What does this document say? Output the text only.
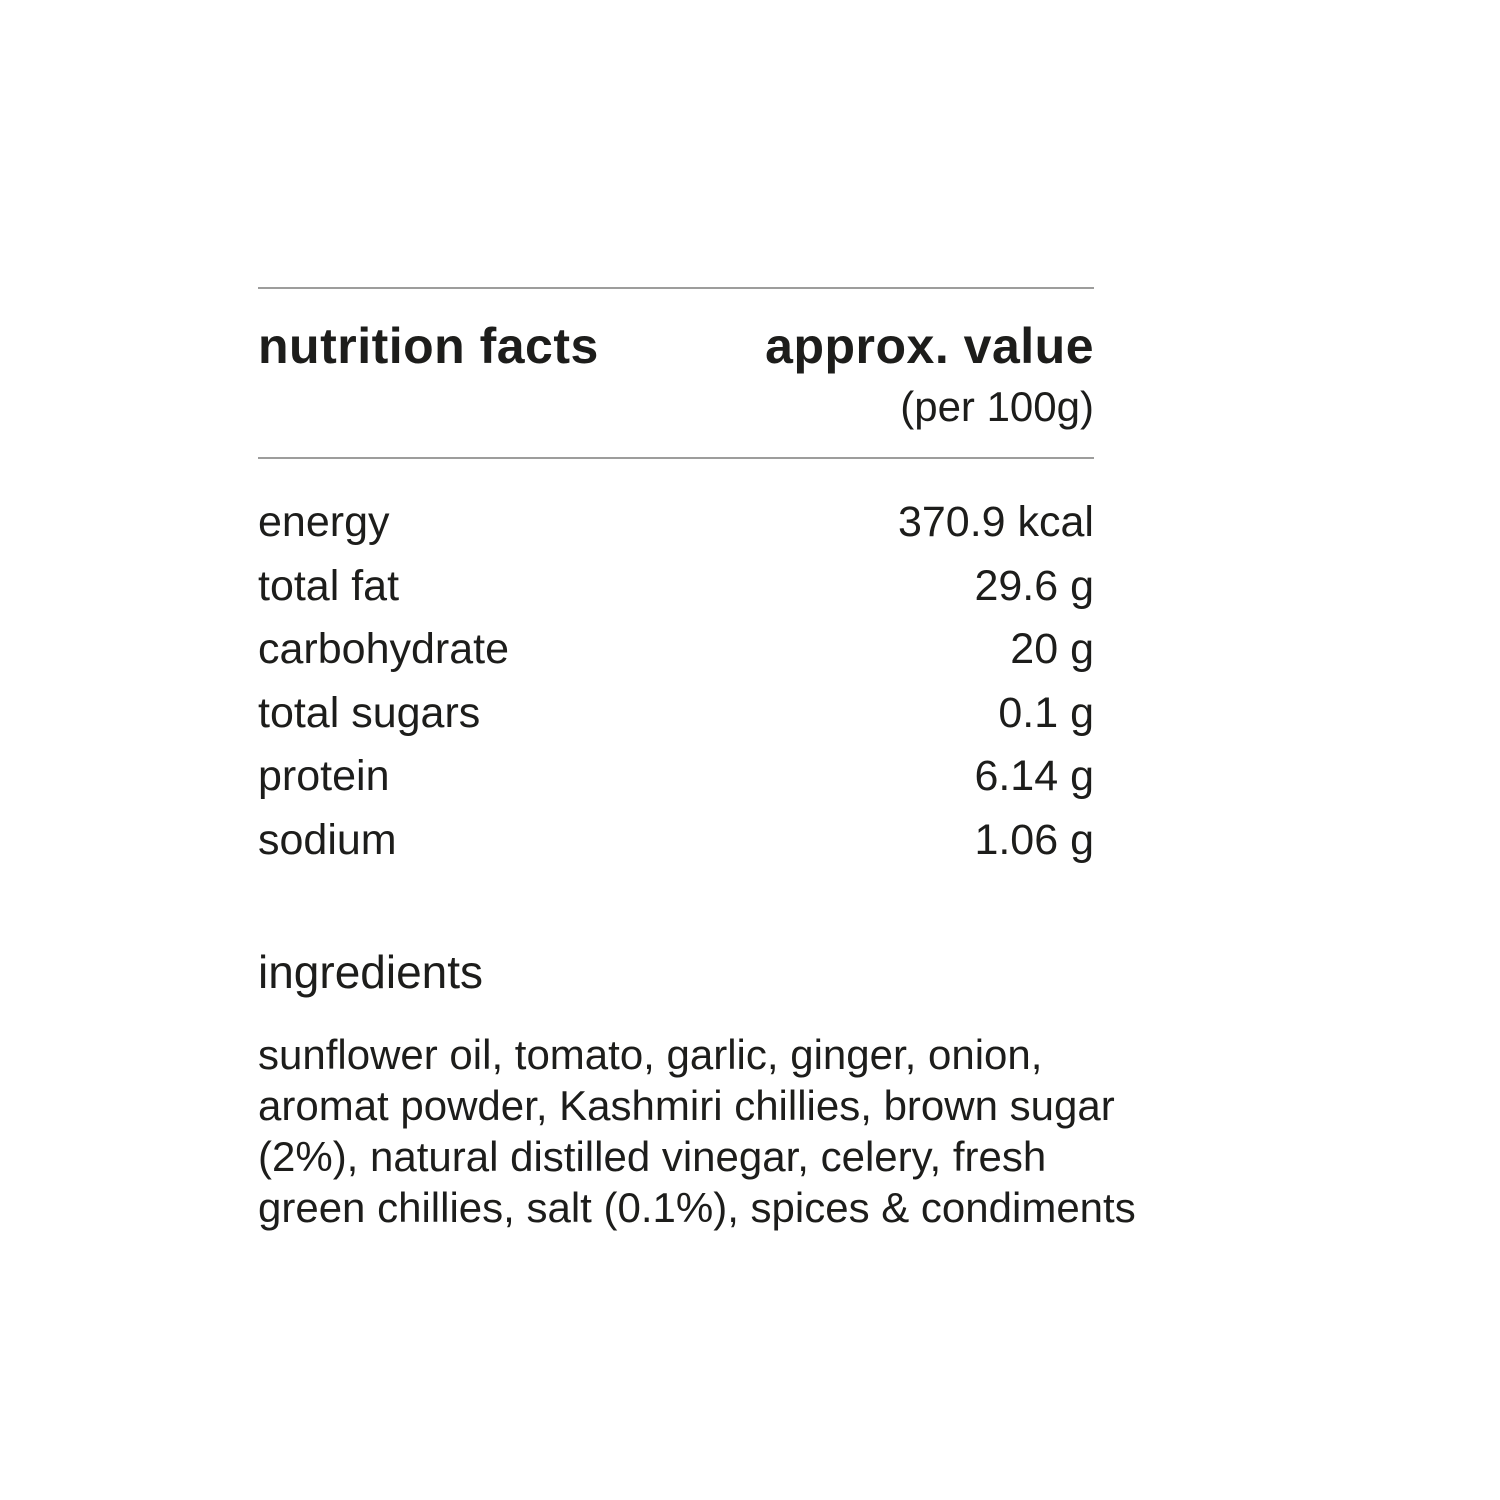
nutrition facts	approx. value
(per 100g)
energy	370.9 kcal
total fat	29.6 g
carbohydrate	20 g
total sugars	0.1 g
protein	6.14 g
sodium	1.06 g
ingredients
sunflower oil, tomato, garlic, ginger, onion,
aromat powder, Kashmiri chillies, brown sugar
(2%), natural distilled vinegar, celery, fresh
green chillies, salt (0.1%), spices & condiments
